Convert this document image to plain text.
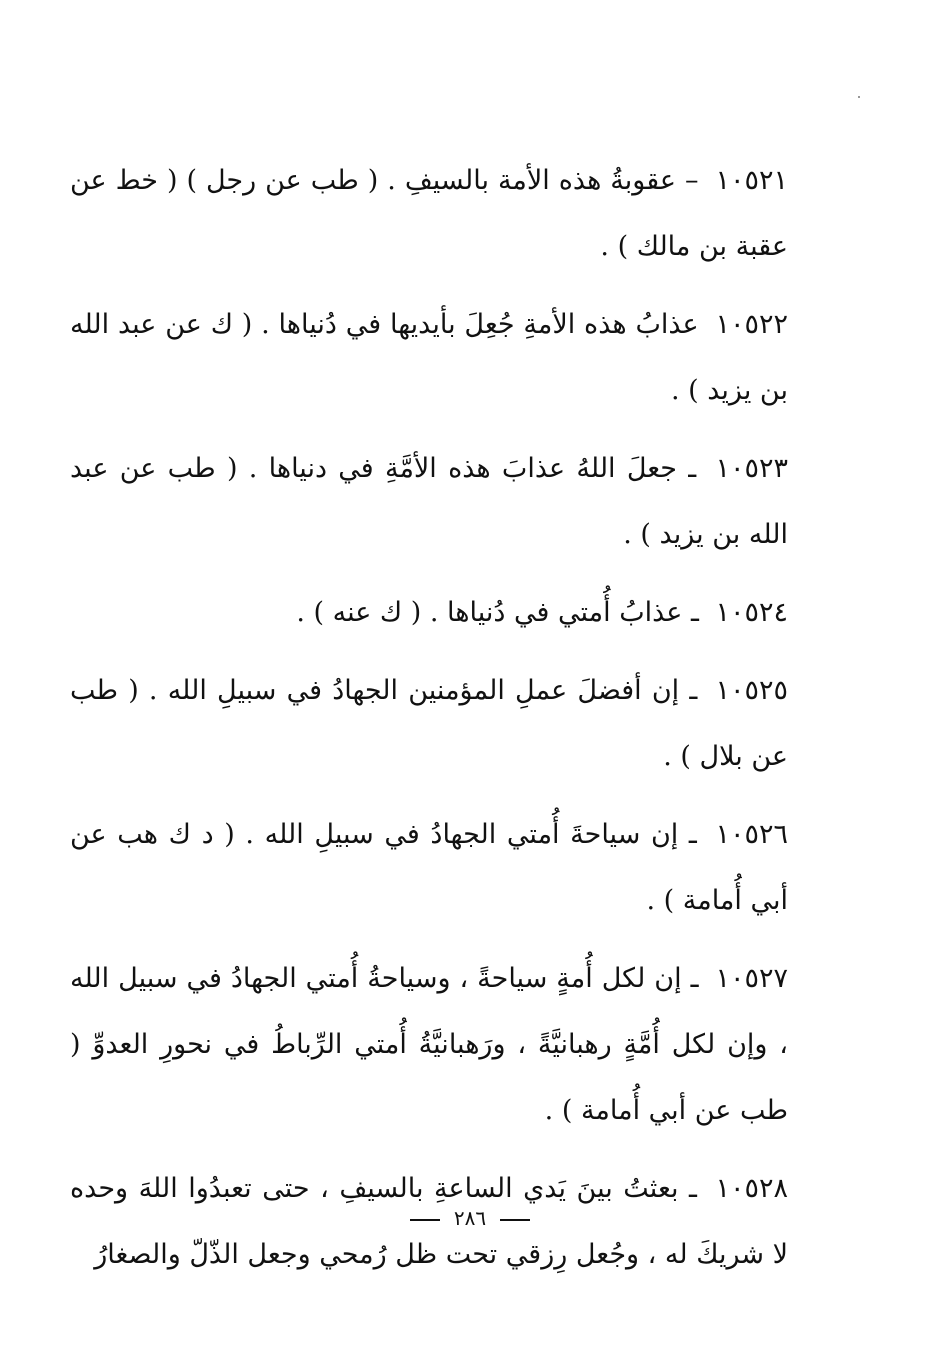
١٠٥٢١ – عقوبةُ هذه الأمة بالسيفِ . ( طب عن رجل ) ( خط عن عقبة بن مالك ) .

١٠٥٢٢ عذابُ هذه الأمةِ جُعِلَ بأيديها في دُنياها . ( ك عن عبد الله بن يزيد ) .

١٠٥٢٣ ـ جعلَ اللهُ عذابَ هذه الأمَّةِ في دنياها . ( طب عن عبد الله بن يزيد ) .

١٠٥٢٤ ـ عذابُ أُمتي في دُنياها . ( ك عنه ) .

١٠٥٢٥ ـ إن أفضلَ عملِ المؤمنين الجهادُ في سبيلِ الله . ( طب عن بلال ) .

١٠٥٢٦ ـ إن سياحةَ أُمتي الجهادُ في سبيلِ الله . ( د ك هب عن أبي أُمامة ) .

١٠٥٢٧ ـ إن لكل أُمةٍ سياحةً ، وسياحةُ أُمتي الجهادُ في سبيل الله ، وإن لكل أُمَّةٍ رهبانيَّةً ، ورَهبانيَّةُ أُمتي الرِّباطُ في نحورِ العدوِّ ( طب عن أبي أُمامة ) .

١٠٥٢٨ ـ بعثتُ بينَ يَدي الساعةِ بالسيفِ ، حتى تعبدُوا اللهَ وحده لا شريكَ له ، وجُعل رِزقي تحت ظل رُمحي وجعل الذّلّ والصغارُ

٢٨٦
